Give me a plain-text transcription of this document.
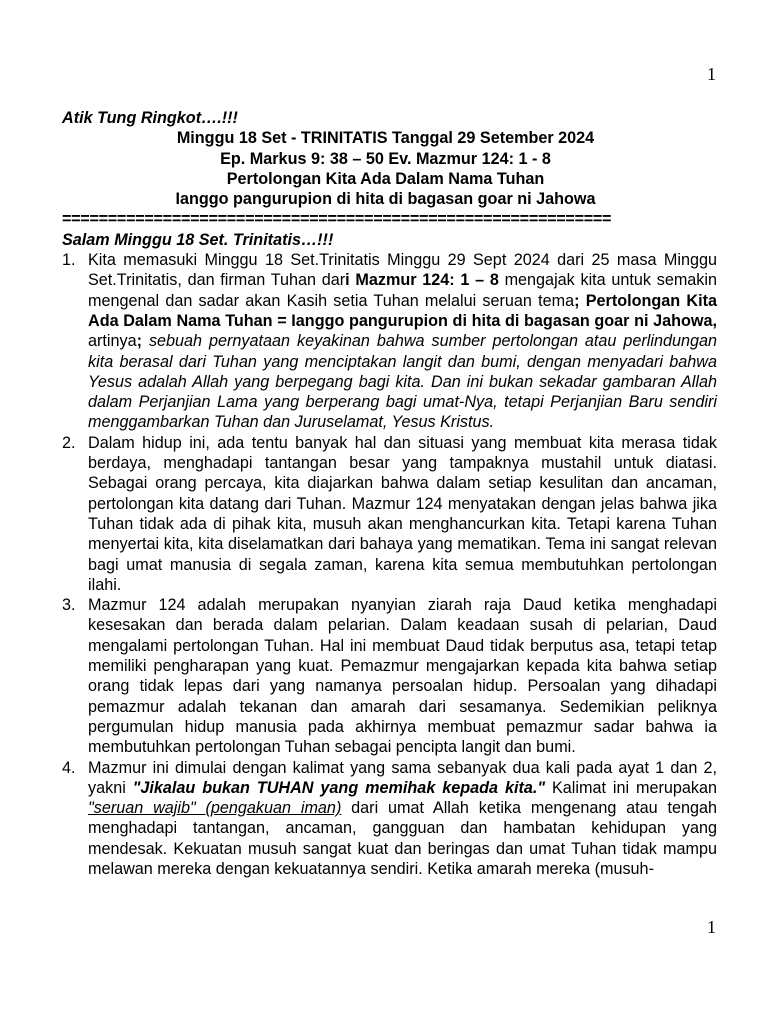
1
Atik Tung Ringkot….!!!
Minggu 18 Set - TRINITATIS Tanggal 29 Setember 2024
Ep. Markus 9: 38 – 50 Ev. Mazmur 124: 1 - 8
Pertolongan Kita Ada Dalam Nama Tuhan
Ianggo pangurupion di hita di bagasan goar ni Jahowa
============================================================
Salam Minggu 18 Set. Trinitatis…!!!
1. Kita memasuki Minggu 18 Set.Trinitatis Minggu 29 Sept 2024 dari 25 masa Minggu Set.Trinitatis, dan firman Tuhan dari Mazmur 124: 1 – 8 mengajak kita untuk semakin mengenal dan sadar akan Kasih setia Tuhan melalui seruan tema; Pertolongan Kita Ada Dalam Nama Tuhan = Ianggo pangurupion di hita di bagasan goar ni Jahowa, artinya; sebuah pernyataan keyakinan bahwa sumber pertolongan atau perlindungan kita berasal dari Tuhan yang menciptakan langit dan bumi, dengan menyadari bahwa Yesus adalah Allah yang berpegang bagi kita. Dan ini bukan sekadar gambaran Allah dalam Perjanjian Lama yang berperang bagi umat-Nya, tetapi Perjanjian Baru sendiri menggambarkan Tuhan dan Juruselamat, Yesus Kristus.
2. Dalam hidup ini, ada tentu banyak hal dan situasi yang membuat kita merasa tidak berdaya, menghadapi tantangan besar yang tampaknya mustahil untuk diatasi. Sebagai orang percaya, kita diajarkan bahwa dalam setiap kesulitan dan ancaman, pertolongan kita datang dari Tuhan. Mazmur 124 menyatakan dengan jelas bahwa jika Tuhan tidak ada di pihak kita, musuh akan menghancurkan kita. Tetapi karena Tuhan menyertai kita, kita diselamatkan dari bahaya yang mematikan. Tema ini sangat relevan bagi umat manusia di segala zaman, karena kita semua membutuhkan pertolongan ilahi.
3. Mazmur 124 adalah merupakan nyanyian ziarah raja Daud ketika menghadapi kesesakan dan berada dalam pelarian. Dalam keadaan susah di pelarian, Daud mengalami pertolongan Tuhan. Hal ini membuat Daud tidak berputus asa, tetapi tetap memiliki pengharapan yang kuat. Pemazmur mengajarkan kepada kita bahwa setiap orang tidak lepas dari yang namanya persoalan hidup. Persoalan yang dihadapi pemazmur adalah tekanan dan amarah dari sesamanya. Sedemikian peliknya pergumulan hidup manusia pada akhirnya membuat pemazmur sadar bahwa ia membutuhkan pertolongan Tuhan sebagai pencipta langit dan bumi.
4. Mazmur ini dimulai dengan kalimat yang sama sebanyak dua kali pada ayat 1 dan 2, yakni "Jikalau bukan TUHAN yang memihak kepada kita." Kalimat ini merupakan "seruan wajib" (pengakuan iman) dari umat Allah ketika mengenang atau tengah menghadapi tantangan, ancaman, gangguan dan hambatan kehidupan yang mendesak. Kekuatan musuh sangat kuat dan beringas dan umat Tuhan tidak mampu melawan mereka dengan kekuatannya sendiri. Ketika amarah mereka (musuh-
1
